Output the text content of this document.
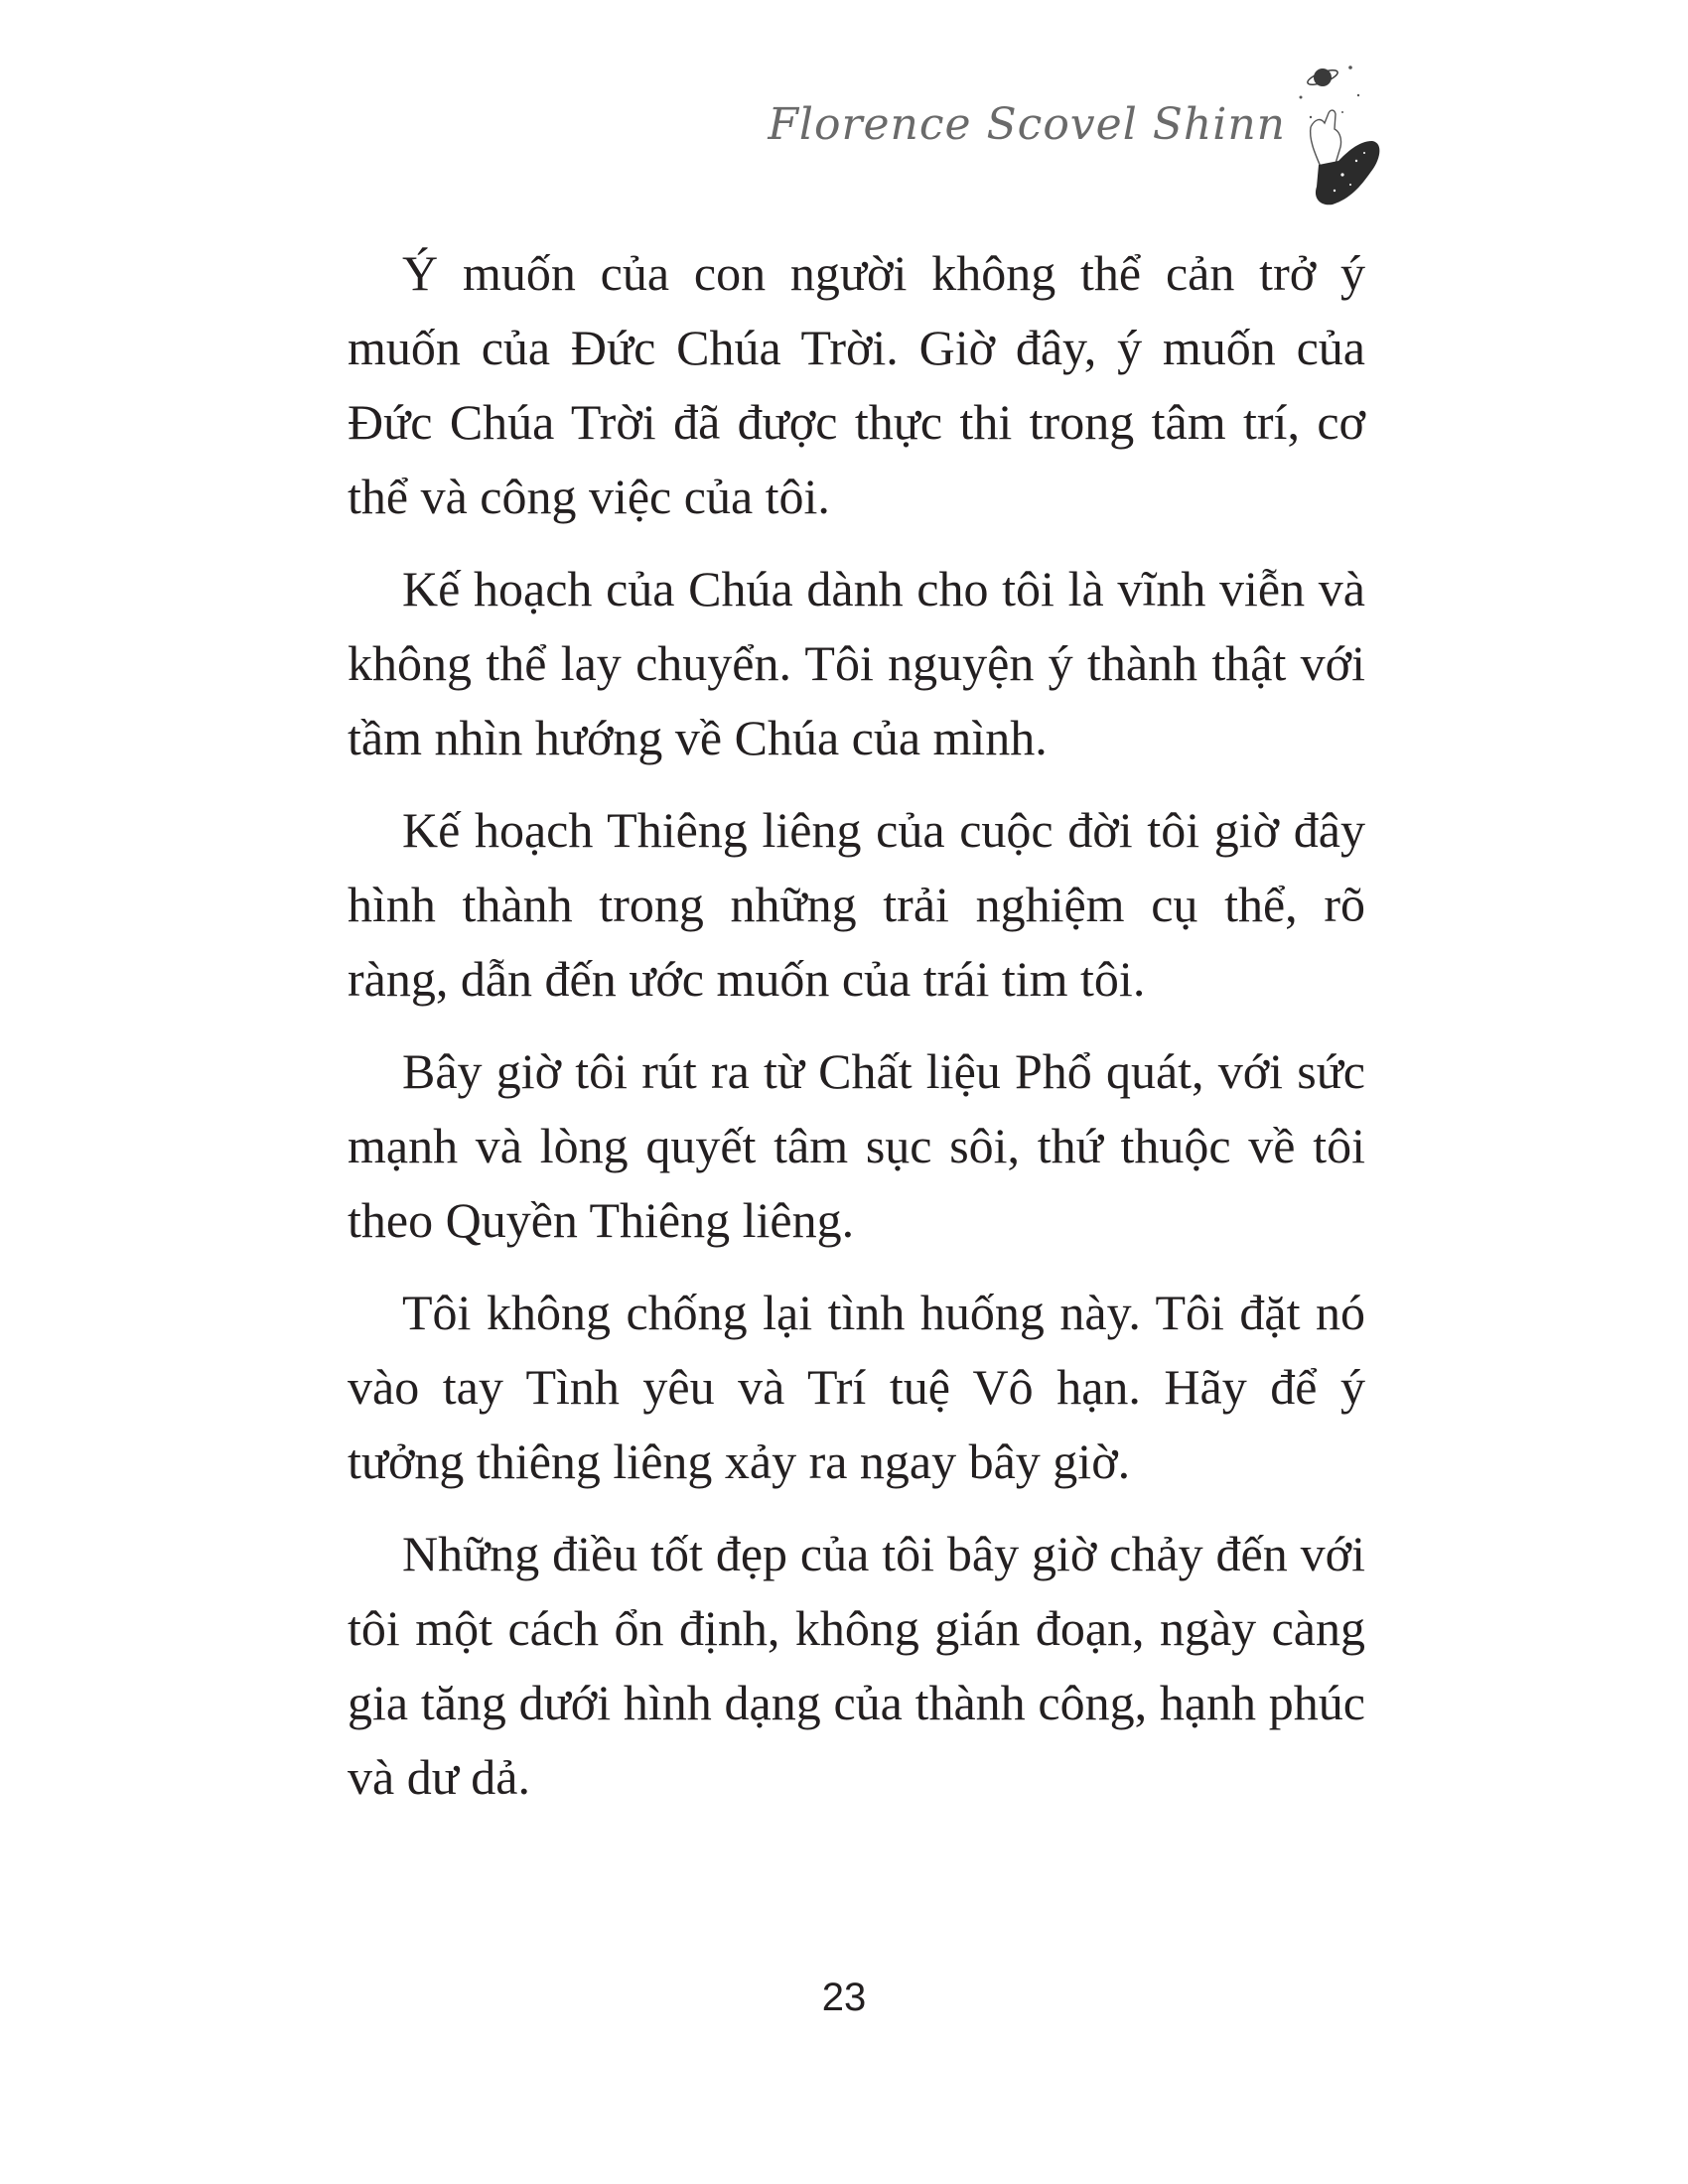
Florence Scovel Shinn

Ý muốn của con người không thể cản trở ý muốn của Đức Chúa Trời. Giờ đây, ý muốn của Đức Chúa Trời đã được thực thi trong tâm trí, cơ thể và công việc của tôi.

Kế hoạch của Chúa dành cho tôi là vĩnh viễn và không thể lay chuyển. Tôi nguyện ý thành thật với tầm nhìn hướng về Chúa của mình.

Kế hoạch Thiêng liêng của cuộc đời tôi giờ đây hình thành trong những trải nghiệm cụ thể, rõ ràng, dẫn đến ước muốn của trái tim tôi.

Bây giờ tôi rút ra từ Chất liệu Phổ quát, với sức mạnh và lòng quyết tâm sục sôi, thứ thuộc về tôi theo Quyền Thiêng liêng.

Tôi không chống lại tình huống này. Tôi đặt nó vào tay Tình yêu và Trí tuệ Vô hạn. Hãy để ý tưởng thiêng liêng xảy ra ngay bây giờ.

Những điều tốt đẹp của tôi bây giờ chảy đến với tôi một cách ổn định, không gián đoạn, ngày càng gia tăng dưới hình dạng của thành công, hạnh phúc và dư dả.

23
